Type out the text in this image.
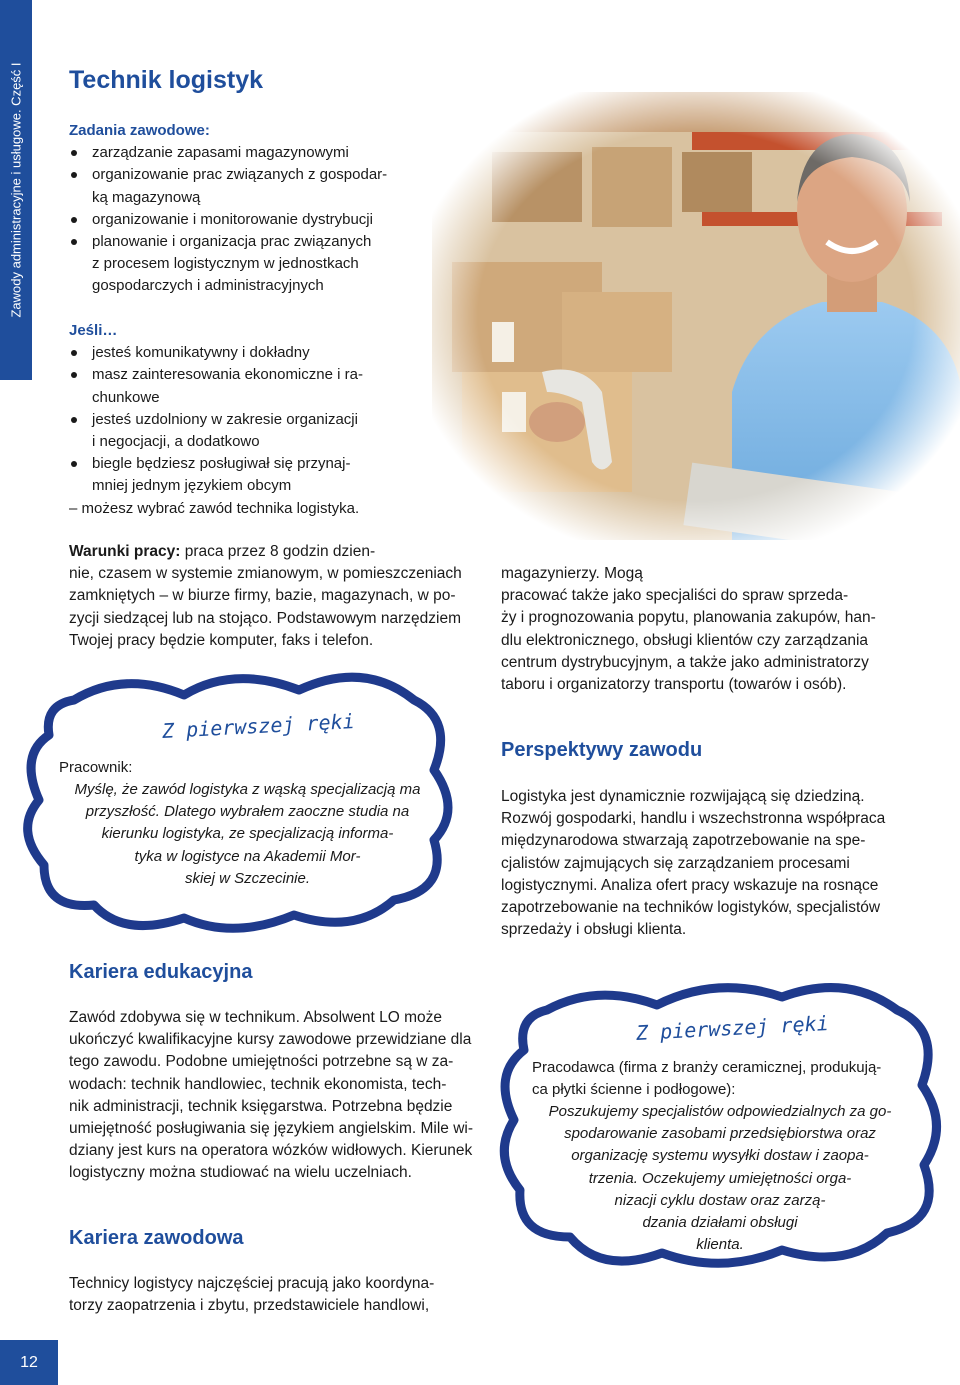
Zawody administracyjne i usługowe. Część I Technik logistyk
Zadania zawodowe:
zarządzanie zapasami magazynowymi
organizowanie prac związanych z gospodar-
ką magazynową
organizowanie i monitorowanie dystrybucji
planowanie i organizacja prac związanych
z procesem logistycznym w jednostkach
gospodarczych i administracyjnych
Jeśli…
jesteś komunikatywny i dokładny
masz zainteresowania ekonomiczne i ra-
chunkowe
jesteś uzdolniony w zakresie organizacji
i negocjacji, a dodatkowo
biegle będziesz posługiwał się przynaj-
mniej jednym językiem obcym
– możesz wybrać zawód technika logistyka.
Warunki pracy: praca przez 8 godzin dzien-
nie, czasem w systemie zmianowym, w pomieszczeniach
zamkniętych – w biurze firmy, bazie, magazynach, w po-
zycji siedzącej lub na stojąco. Podstawowym narzędziem
Twojej pracy będzie komputer, faks i telefon.
magazynierzy. Mogą
pracować także jako specjaliści do spraw sprzeda-
ży i prognozowania popytu, planowania zakupów, han-
dlu elektronicznego, obsługi klientów czy zarządzania
centrum dystrybucyjnym, a także jako administratorzy
taboru i organizatorzy transportu (towarów i osób).
Z pierwszej ręki
Pracownik:
Myślę, że zawód logistyka z wąską specjalizacją ma
przyszłość. Dlatego wybrałem zaoczne studia na
kierunku logistyka, ze specjalizacją informa-
tyka w logistyce na Akademii Mor-
skiej w Szczecinie.
Perspektywy zawodu
Logistyka jest dynamicznie rozwijającą się dziedziną.
Rozwój gospodarki, handlu i wszechstronna współpraca
międzynarodowa stwarzają zapotrzebowanie na spe-
cjalistów zajmujących się zarządzaniem procesami
logistycznymi. Analiza ofert pracy wskazuje na rosnące
zapotrzebowanie na techników logistyków, specjalistów
sprzedaży i obsługi klienta.
Kariera edukacyjna
Zawód zdobywa się w technikum. Absolwent LO może
ukończyć kwalifikacyjne kursy zawodowe przewidziane dla
tego zawodu. Podobne umiejętności potrzebne są w za-
wodach: technik handlowiec, technik ekonomista, tech-
nik administracji, technik księgarstwa. Potrzebna będzie
umiejętność posługiwania się językiem angielskim. Mile wi-
dziany jest kurs na operatora wózków widłowych. Kierunek
logistyczny można studiować na wielu uczelniach.
Kariera zawodowa
Technicy logistycy najczęściej pracują jako koordyna-
torzy zaopatrzenia i zbytu, przedstawiciele handlowi,
Z pierwszej ręki
Pracodawca (firma z branży ceramicznej, produkują-
ca płytki ścienne i podłogowe):
Poszukujemy specjalistów odpowiedzialnych za go-
spodarowanie zasobami przedsiębiorstwa oraz
organizację systemu wysyłki dostaw i zaopa-
trzenia. Oczekujemy umiejętności orga-
nizacji cyklu dostaw oraz zarzą-
dzania działami obsługi
klienta.
12
